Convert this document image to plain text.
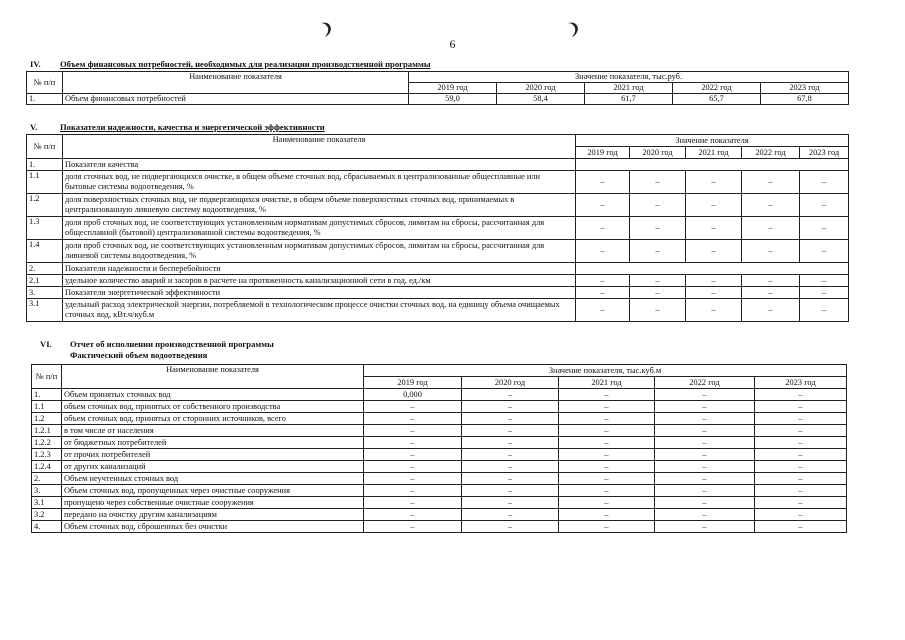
6
IV. Объем финансовых потребностей, необходимых для реализации производственной программы
№ п/п	Наименование показателя	Значение показателя, тыс.руб.				
		2019 год	2020 год	2021 год	2022 год	2023 год
1.	Объем финансовых потребностей	59,0	58,4	61,7	65,7	67,8
V.	Показатели надежности, качества и энергетической эффективности
№ п/п	Наименование показателя	Значение показателя				
		2019 год	2020 год	2021 год	2022 год	2023 год
1.	Показатели качества					
1.1	доля сточных вод, не подвергающихся очистке, в общем объеме сточных вод, сбрасываемых в централизованные общесплавные или бытовые системы водоотведения, %	–	–	–	–	–
1.2	доля поверхностных сточных вод, не подвергающихся очистке, в общем объеме поверхностных сточных вод, принимаемых в централизованную ливневую систему водоотведения, %	–	–	–	–	–
1.3	доля проб сточных вод, не соответствующих установленным нормативам допустимых сбросов, лимитам на сбросы, рассчитанная для общесплавной (бытовой) централизованной системы водоотведения, %	–	–	–	–	–
1.4	доля проб сточных вод, не соответствующих установленным нормативам допустимых сбросов, лимитам на сбросы, рассчитанная для ливневой системы водоотведения, %	–	–	–	–	–
2.	Показатели надежности и бесперебойности					
2.1	удельное количество аварий и засоров в расчете на протяженность канализационной сети в год, ед./км	–	–	–	–	–
3.	Показатели энергетической эффективности	–	–	–	–	–
3.1	удельный расход электрической энергии, потребляемой в технологическом процессе очистки сточных вод, на единицу объема очищаемых сточных вод, кВт.ч/куб.м	–	–	–	–	–
VI. Отчет об исполнении производственной программы
Фактический объем водоотведения
№ п/п	Наименование показателя	Значение показателя, тыс.куб.м				
		2019 год	2020 год	2021 год	2022 год	2023 год
1.	Объем принятых сточных вод	0,000	–	–	–	–
1.1	объем сточных вод, принятых от собственного производства	–	–	–	–	–
1.2	объем сточных вод, принятых от сторонних источников, всего	–	–	–	–	–
1.2.1	в том числе от населения	–	–	–	–	–
1.2.2	от бюджетных потребителей	–	–	–	–	–
1.2.3	от прочих потребителей	–	–	–	–	–
1.2.4	от других канализаций	–	–	–	–	–
2.	Объем неучтенных сточных вод	–	–	–	–	–
3.	Объем сточных вод, пропущенных через очистные сооружения	–	–	–	–	–
3.1	пропущено через собственные очистные сооружения	–	–	–	–	–
3.2	передано на очистку другим канализациям	–	–	–	–	–
4.	Объем сточных вод, сброшенных без очистки	–	–	–	–	–
